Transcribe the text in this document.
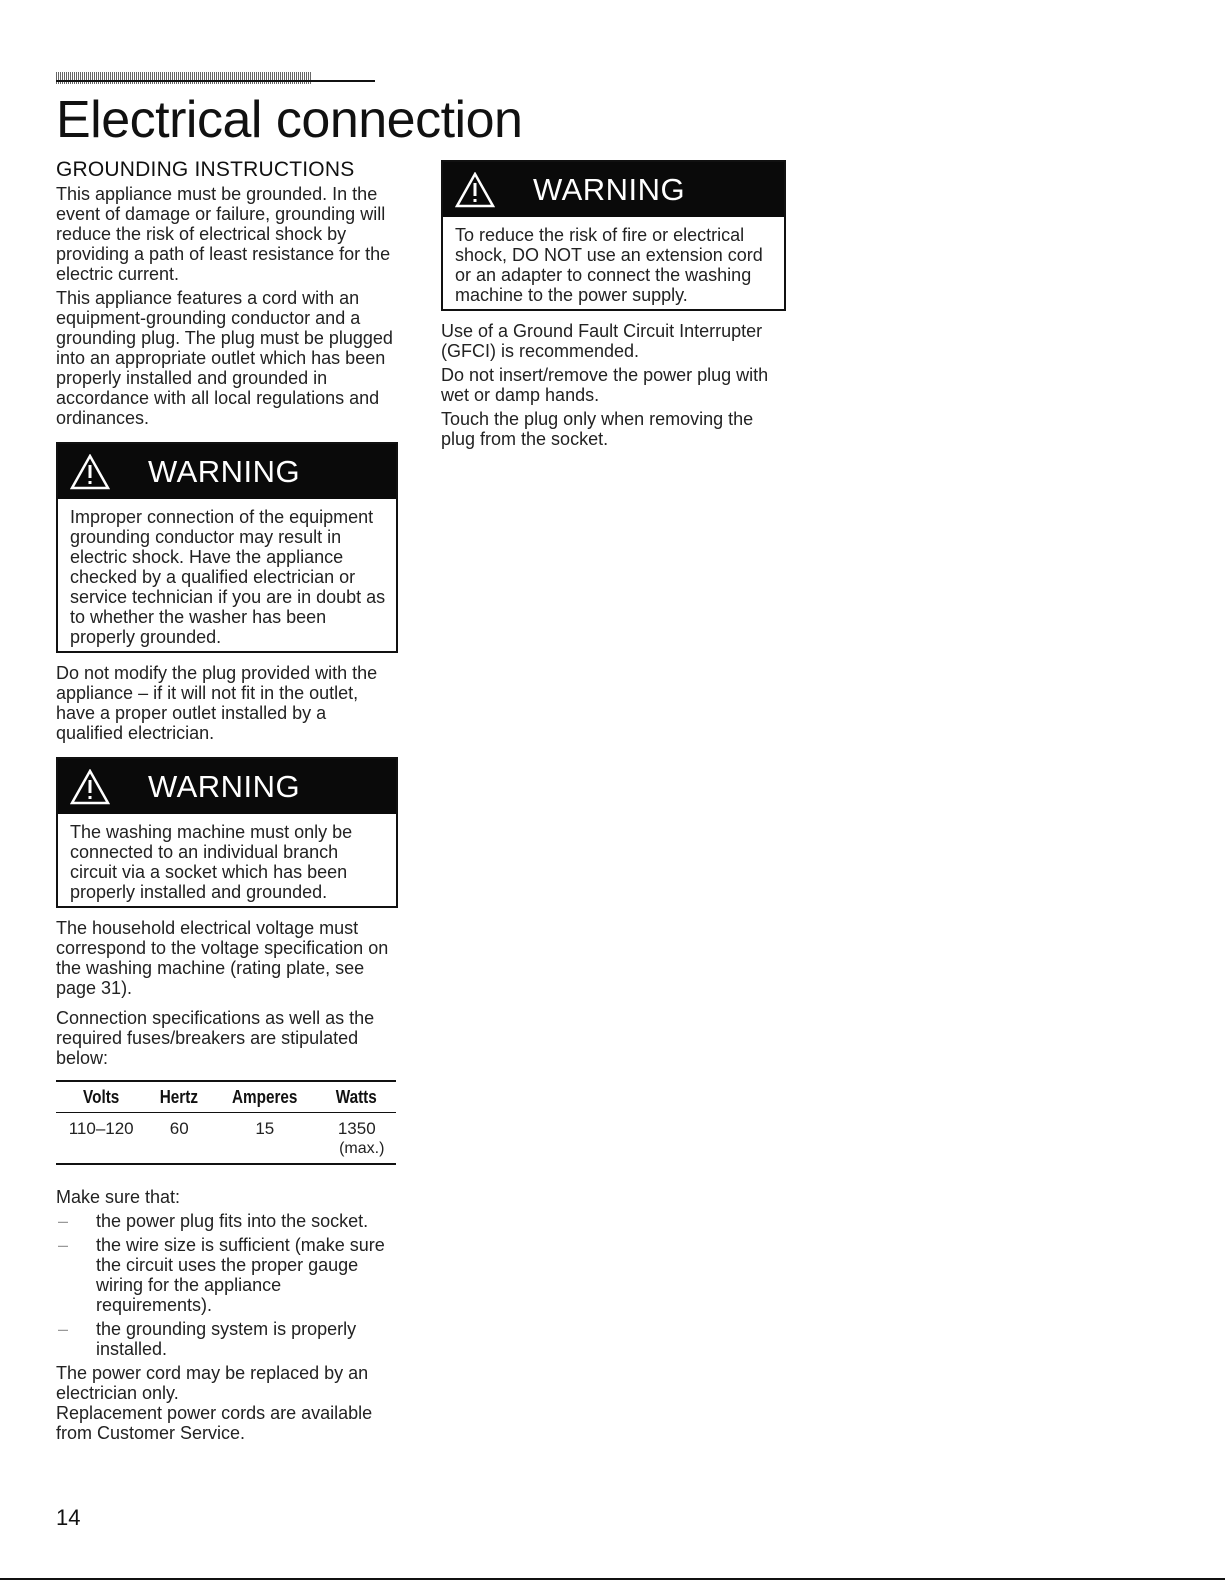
Electrical connection
GROUNDING INSTRUCTIONS

This appliance must be grounded. In the event of damage or failure, grounding will reduce the risk of electrical shock by providing a path of least resistance for the electric current.

This appliance features a cord with an equipment-grounding conductor and a grounding plug. The plug must be plugged into an appropriate outlet which has been properly installed and grounded in accordance with all local regulations and ordinances.

WARNING
Improper connection of the equipment grounding conductor may result in electric shock. Have the appliance checked by a qualified electrician or service technician if you are in doubt as to whether the washer has been properly grounded.

Do not modify the plug provided with the appliance – if it will not fit in the outlet, have a proper outlet installed by a qualified electrician.

WARNING
The washing machine must only be connected to an individual branch circuit via a socket which has been properly installed and grounded.

The household electrical voltage must correspond to the voltage specification on the washing machine (rating plate, see page 31).

Connection specifications as well as the required fuses/breakers are stipulated below:

Volts	Hertz	Amperes	Watts
110–120	60	15	1350
(max.)

Make sure that:

– the power plug fits into the socket.
– the wire size is sufficient (make sure the circuit uses the proper gauge wiring for the appliance requirements).
– the grounding system is properly installed.

The power cord may be replaced by an electrician only.

Replacement power cords are available from Customer Service.

WARNING
To reduce the risk of fire or electrical shock, DO NOT use an extension cord or an adapter to connect the washing machine to the power supply.

Use of a Ground Fault Circuit Interrupter (GFCI) is recommended.

Do not insert/remove the power plug with wet or damp hands.

Touch the plug only when removing the plug from the socket.

14
